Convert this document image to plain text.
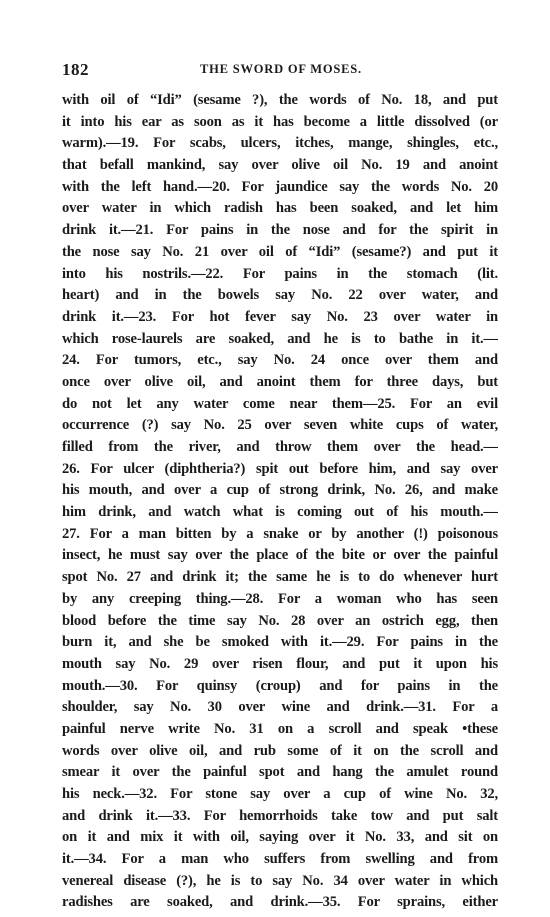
182	THE SWORD OF MOSES.
with oil of “Idi” (sesame ?), the words of No. 18, and put
it into his ear as soon as it has become a little dissolved (or
warm).—19. For scabs, ulcers, itches, mange, shingles, etc.,
that befall mankind, say over olive oil No. 19 and anoint
with the left hand.—20. For jaundice say the words No. 20
over water in which radish has been soaked, and let him
drink it.—21. For pains in the nose and for the spirit in
the nose say No. 21 over oil of “Idi” (sesame?) and put it
into his nostrils.—22. For pains in the stomach (lit.
heart) and in the bowels say No. 22 over water, and
drink it.—23. For hot fever say No. 23 over water in
which rose-laurels are soaked, and he is to bathe in it.—
24. For tumors, etc., say No. 24 once over them and
once over olive oil, and anoint them for three days, but
do not let any water come near them—25. For an evil
occurrence (?) say No. 25 over seven white cups of water,
filled from the river, and throw them over the head.—
26. For ulcer (diphtheria?) spit out before him, and say over
his mouth, and over a cup of strong drink, No. 26, and make
him drink, and watch what is coming out of his mouth.—
27. For a man bitten by a snake or by another (!) poisonous
insect, he must say over the place of the bite or over the painful
spot No. 27 and drink it; the same he is to do whenever hurt
by any creeping thing.—28. For a woman who has seen
blood before the time say No. 28 over an ostrich egg, then
burn it, and she be smoked with it.—29. For pains in the
mouth say No. 29 over risen flour, and put it upon his
mouth.—30. For quinsy (croup) and for pains in the
shoulder, say No. 30 over wine and drink.—31. For a
painful nerve write No. 31 on a scroll and speak •these
words over olive oil, and rub some of it on the scroll and
smear it over the painful spot and hang the amulet round
his neck.—32. For stone say over a cup of wine No. 32,
and drink it.—33. For hemorrhoids take tow and put salt
on it and mix it with oil, saying over it No. 33, and sit on
it.—34. For a man who suffers from swelling and from
venereal disease (?), he is to say No. 34 over water in which
radishes are soaked, and drink.—35. For sprains, either
